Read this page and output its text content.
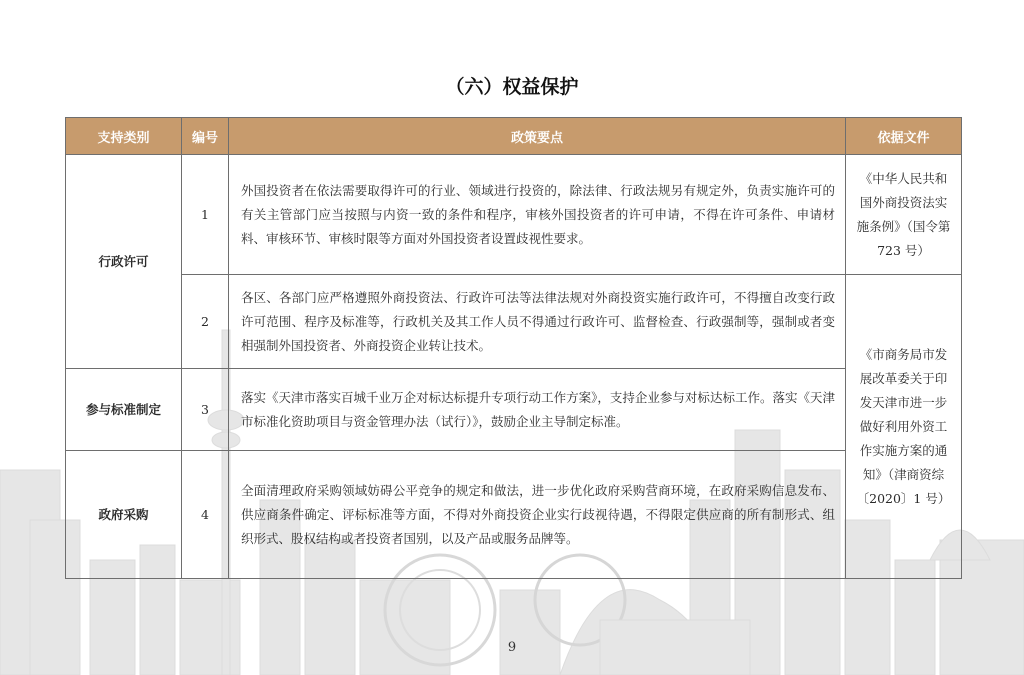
（六）权益保护
支持类别	编号	政策要点	依据文件
行政许可	1	外国投资者在依法需要取得许可的行业、领域进行投资的，除法律、行政法规另有规定外，负责实施许可的有关主管部门应当按照与内资一致的条件和程序，审核外国投资者的许可申请，不得在许可条件、申请材料、审核环节、审核时限等方面对外国投资者设置歧视性要求。	《中华人民共和国外商投资法实施条例》（国令第 723 号）
	2	各区、各部门应严格遵照外商投资法、行政许可法等法律法规对外商投资实施行政许可，不得擅自改变行政许可范围、程序及标准等，行政机关及其工作人员不得通过行政许可、监督检查、行政强制等，强制或者变相强制外国投资者、外商投资企业转让技术。	《市商务局市发展改革委关于印发天津市进一步做好利用外资工作实施方案的通知》（津商资综〔2020〕1 号）
参与标准制定	3	落实《天津市落实百城千业万企对标达标提升专项行动工作方案》，支持企业参与对标达标工作。落实《天津市标准化资助项目与资金管理办法（试行）》，鼓励企业主导制定标准。	
政府采购	4	全面清理政府采购领域妨碍公平竞争的规定和做法，进一步优化政府采购营商环境，在政府采购信息发布、供应商条件确定、评标标准等方面，不得对外商投资企业实行歧视待遇，不得限定供应商的所有制形式、组织形式、股权结构或者投资者国别，以及产品或服务品牌等。	
9
